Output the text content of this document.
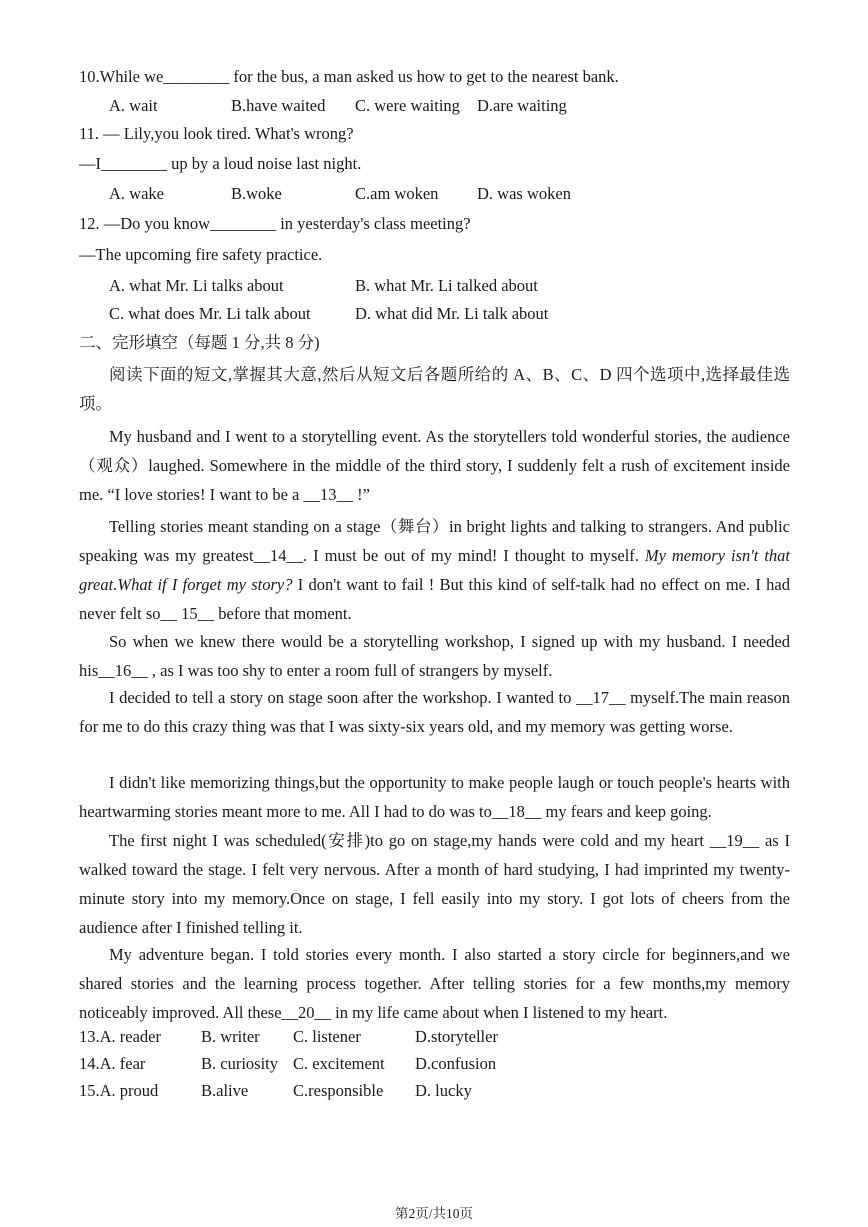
10.While we________ for the bus, a man asked us how to get to the nearest bank.
A. wait	B.have waited C. were waiting D.are waiting
11. — Lily,you look tired. What's wrong?
—I________ up by a loud noise last night.
A. wake	B.woke	C.am woken D. was woken
12. —Do you know________ in yesterday's class meeting?
—The upcoming fire safety practice.
A. what Mr. Li talks about	B. what Mr. Li talked about
C. what does Mr. Li talk about	D. what did Mr. Li talk about
二、完形填空（每题 1 分,共 8 分)
阅读下面的短文,掌握其大意,然后从短文后各题所给的 A、B、C、D 四个选项中,选择最佳选项。
My husband and I went to a storytelling event. As the storytellers told wonderful stories, the audience（观众）laughed. Somewhere in the middle of the third story, I suddenly felt a rush of excitement inside me. “I love stories! I want to be a __13__ !”
Telling stories meant standing on a stage（舞台）in bright lights and talking to strangers. And public speaking was my greatest__14__. I must be out of my mind! I thought to myself. My memory isn't that great.What if I forget my story? I don't want to fail ! But this kind of self-talk had no effect on me. I had never felt so__ 15__ before that moment.
So when we knew there would be a storytelling workshop, I signed up with my husband. I needed his__16__ , as I was too shy to enter a room full of strangers by myself.
I decided to tell a story on stage soon after the workshop. I wanted to __17__ myself.The main reason for me to do this crazy thing was that I was sixty-six years old, and my memory was getting worse.
I didn't like memorizing things,but the opportunity to make people laugh or touch people's hearts with heartwarming stories meant more to me. All I had to do was to__18__ my fears and keep going.
The first night I was scheduled(安排)to go on stage,my hands were cold and my heart __19__ as I walked toward the stage. I felt very nervous. After a month of hard studying, I had imprinted my twenty-minute story into my memory.Once on stage, I fell easily into my story. I got lots of cheers from the audience after I finished telling it.
My adventure began. I told stories every month. I also started a story circle for beginners,and we shared stories and the learning process together. After telling stories for a few months,my memory noticeably improved. All these__20__ in my life came about when I listened to my heart.
13.A. reader B. writer C. listener	D.storyteller
14.A. fear	B. curiosity C. excitement D.confusion
15.A. proud	B.alive	C.responsible D. lucky
第2页/共10页
